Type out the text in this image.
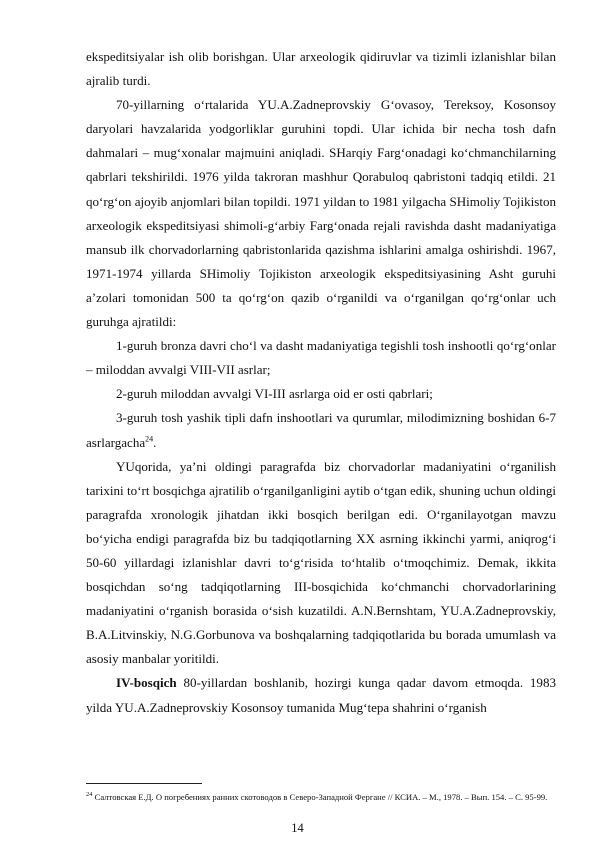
ekspeditsiyalar ish olib borishgan. Ular arxeologik qidiruvlar va tizimli izlanishlar bilan ajralib turdi.

70-yillarning o‘rtalarida YU.A.Zadneprovskiy G‘ovasoy, Tereksoy, Kosonsoy daryolari havzalarida yodgorliklar guruhini topdi. Ular ichida bir necha tosh dafn dahmalari – mug‘xonalar majmuini aniqladi. SHarqiy Farg‘onadagi ko‘chmanchilarning qabrlari tekshirildi. 1976 yilda takroran mashhur Qorabuloq qabristoni tadqiq etildi. 21 qo‘rg‘on ajoyib anjomlari bilan topildi. 1971 yildan to 1981 yilgacha SHimoliy Tojikiston arxeologik ekspeditsiyasi shimoli-g‘arbiy Farg‘onada rejali ravishda dasht madaniyatiga mansub ilk chorvadorlarning qabristonlarida qazishma ishlarini amalga oshirishdi. 1967, 1971-1974 yillarda SHimoliy Tojikiston arxeologik ekspeditsiyasining Asht guruhi a’zolari tomonidan 500 ta qo‘rg‘on qazib o‘rganildi va o‘rganilgan qo‘rg‘onlar uch guruhga ajratildi:

1-guruh bronza davri cho‘l va dasht madaniyatiga tegishli tosh inshootli qo‘rg‘onlar – miloddan avvalgi VIII-VII asrlar;

2-guruh miloddan avvalgi VI-III asrlarga oid er osti qabrlari;

3-guruh tosh yashik tipli dafn inshootlari va qurumlar, milodimizning boshidan 6-7 asrlargacha$^{24}$.

YUqorida, ya’ni oldingi paragrafda biz chorvadorlar madaniyatini o‘rganilish tarixini to‘rt bosqichga ajratilib o‘rganilganligini aytib o‘tgan edik, shuning uchun oldingi paragrafda xronologik jihatdan ikki bosqich berilgan edi. O‘rganilayotgan mavzu bo‘yicha endigi paragrafda biz bu tadqiqotlarning XX asrning ikkinchi yarmi, aniqrog‘i 50-60 yillardagi izlanishlar davri to‘g‘risida to‘htalib o‘tmoqchimiz. Demak, ikkita bosqichdan so‘ng tadqiqotlarning III-bosqichida ko‘chmanchi chorvadorlarining madaniyatini o‘rganish borasida o‘sish kuzatildi. A.N.Bernshtam, YU.A.Zadneprovskiy, B.A.Litvinskiy, N.G.Gorbunova va boshqalarning tadqiqotlarida bu borada umumlash va asosiy manbalar yoritildi.

IV-bosqich 80-yillardan boshlanib, hozirgi kunga qadar davom etmoqda. 1983 yilda YU.A.Zadneprovskiy Kosonsoy tumanida Mug‘tepa shahrini o‘rganish

$^{24}$ Салтовская Е.Д. О погребениях ранних скотоводов в Северо-Западной Фергане // КСИА. – М., 1978. – Вып. 154. – С. 95-99.

14
